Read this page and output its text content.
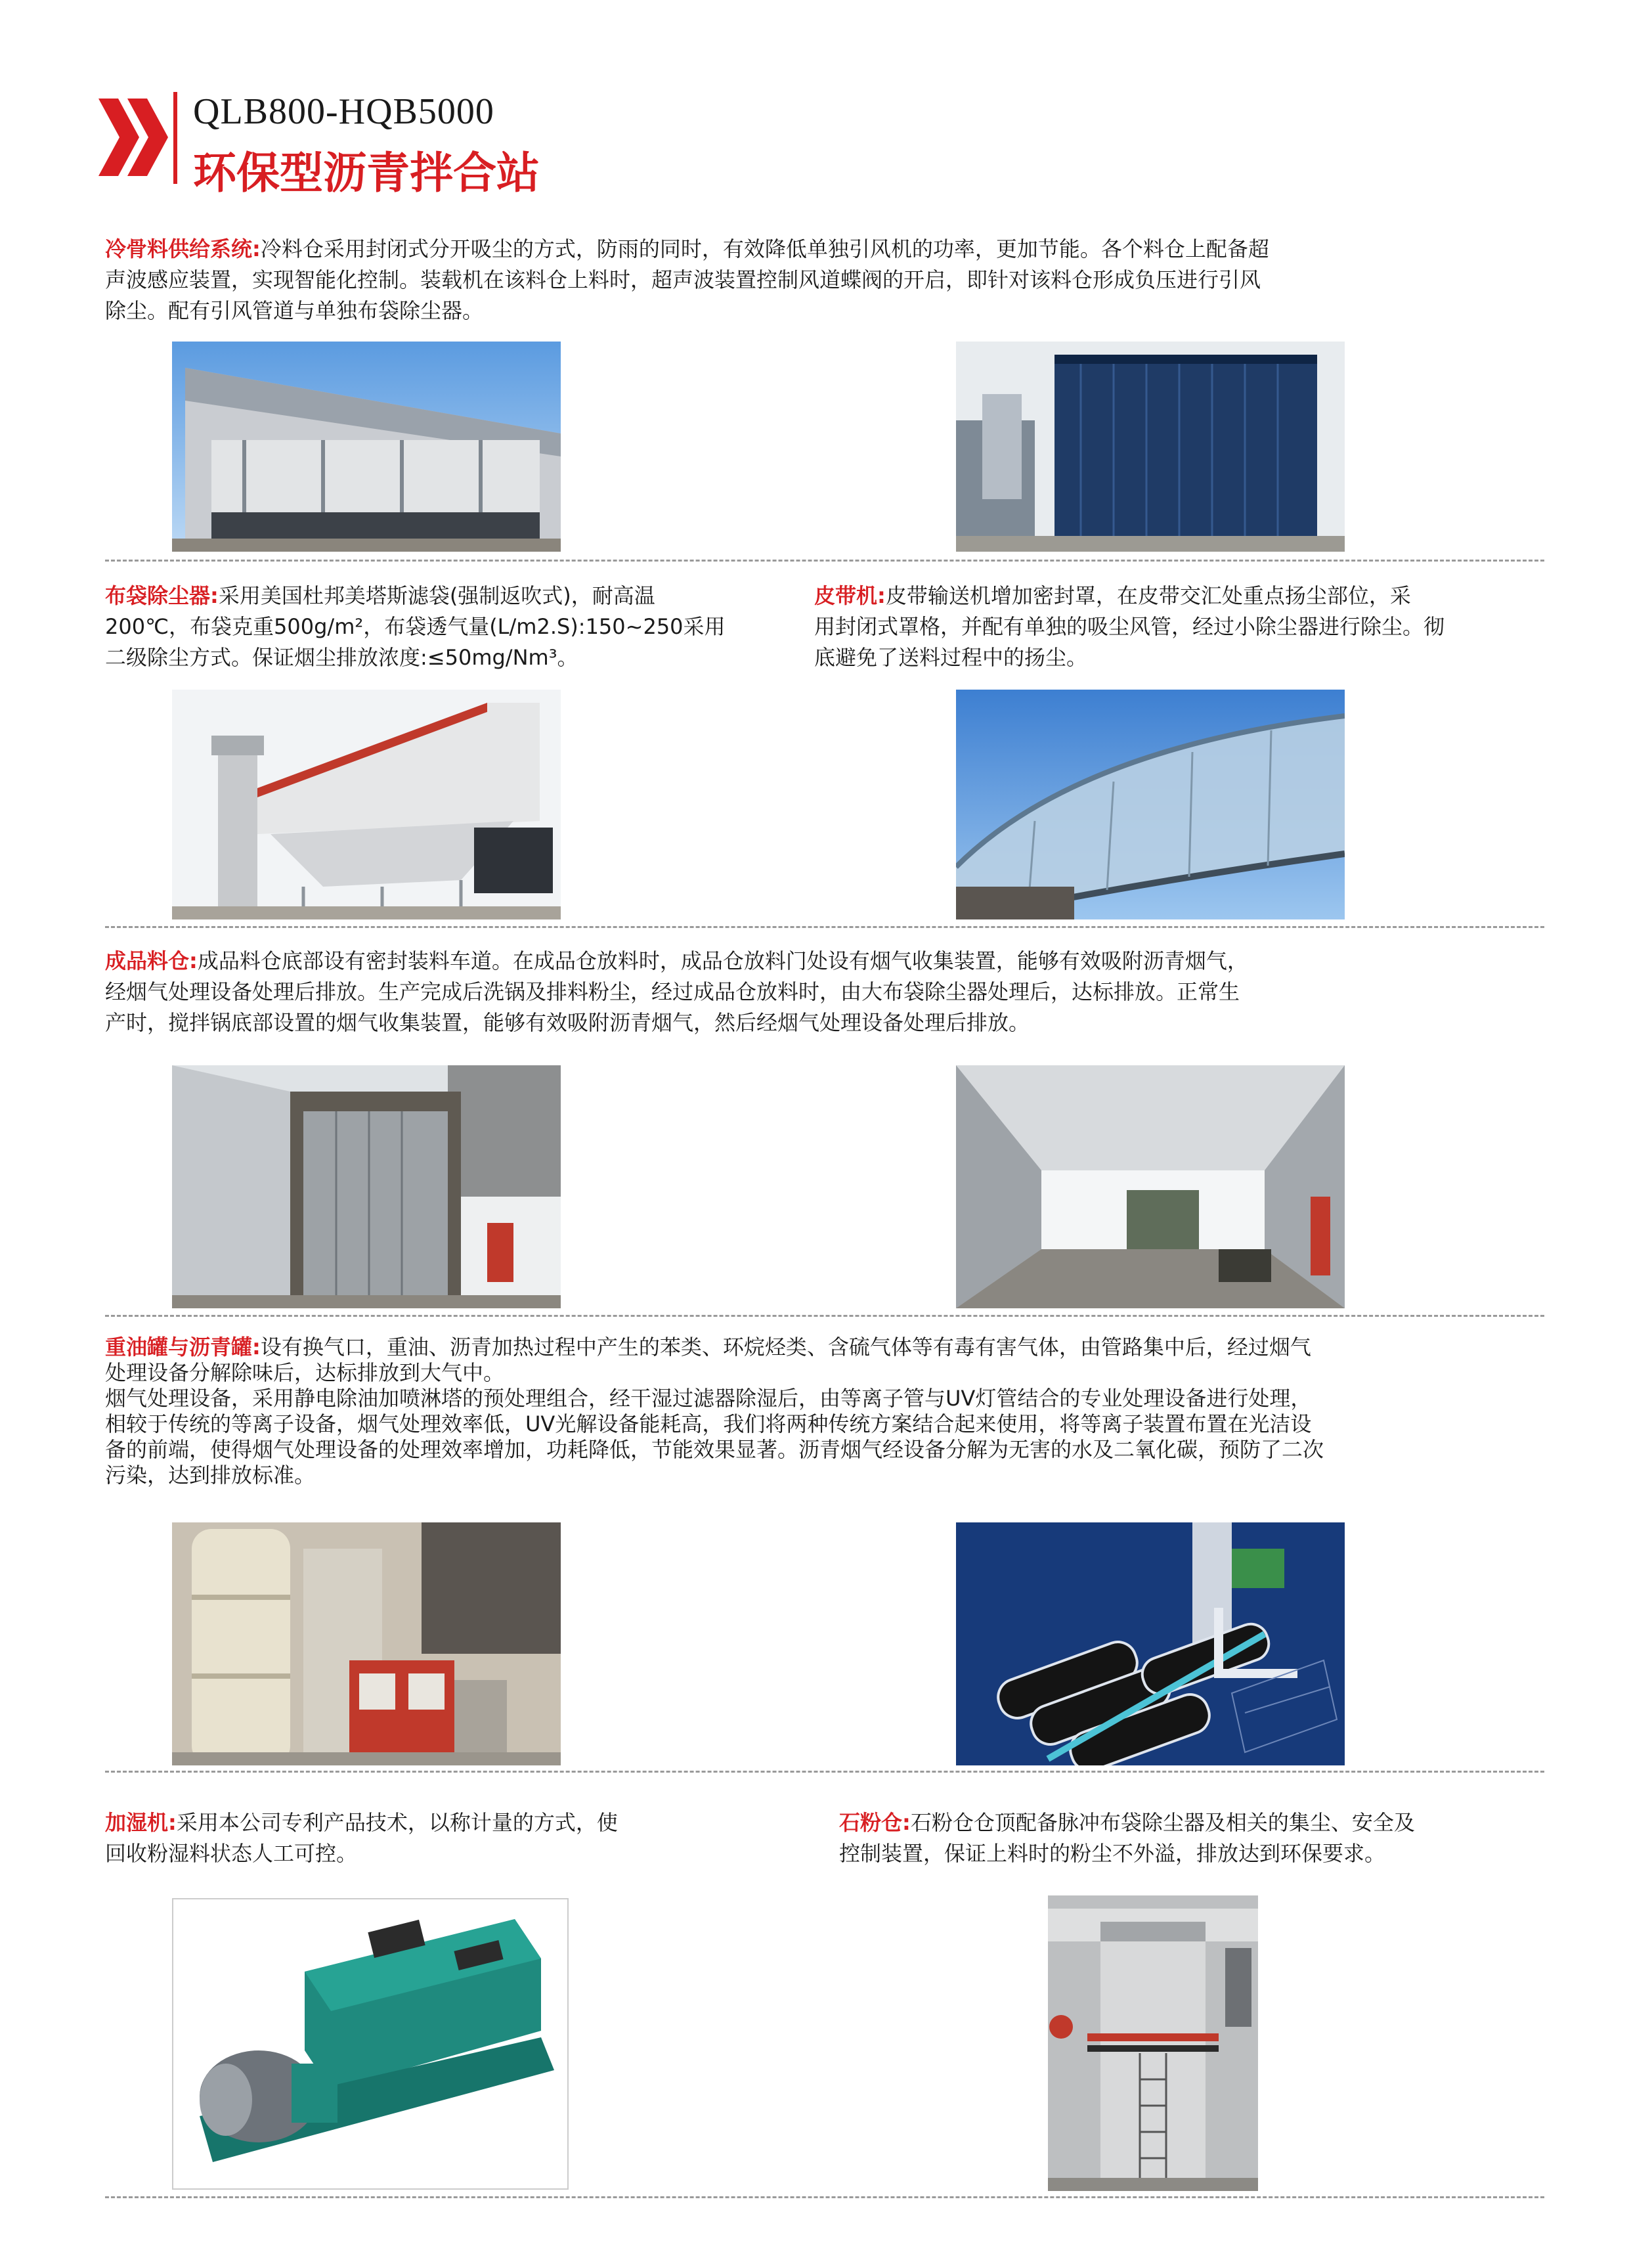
QLB800-HQB5000
环保型沥青拌合站
冷骨料供给系统:冷料仓采用封闭式分开吸尘的方式，防雨的同时，有效降低单独引风机的功率，更加节能。各个料仓上配备超
声波感应装置，实现智能化控制。装载机在该料仓上料时，超声波装置控制风道蝶阀的开启，即针对该料仓形成负压进行引风
除尘。配有引风管道与单独布袋除尘器。
布袋除尘器:采用美国杜邦美塔斯滤袋(强制返吹式)，耐高温
200℃，布袋克重500g/m²，布袋透气量(L/m2.S):150~250采用
二级除尘方式。保证烟尘排放浓度:≤50mg/Nm³。
皮带机:皮带输送机增加密封罩，在皮带交汇处重点扬尘部位，采
用封闭式罩格，并配有单独的吸尘风管，经过小除尘器进行除尘。彻
底避免了送料过程中的扬尘。
成品料仓:成品料仓底部设有密封装料车道。在成品仓放料时，成品仓放料门处设有烟气收集装置，能够有效吸附沥青烟气，
经烟气处理设备处理后排放。生产完成后洗锅及排料粉尘，经过成品仓放料时，由大布袋除尘器处理后，达标排放。正常生
产时，搅拌锅底部设置的烟气收集装置，能够有效吸附沥青烟气，然后经烟气处理设备处理后排放。
重油罐与沥青罐:设有换气口，重油、沥青加热过程中产生的苯类、环烷烃类、含硫气体等有毒有害气体，由管路集中后，经过烟气
处理设备分解除味后，达标排放到大气中。
烟气处理设备，采用静电除油加喷淋塔的预处理组合，经干湿过滤器除湿后，由等离子管与UV灯管结合的专业处理设备进行处理，
相较于传统的等离子设备，烟气处理效率低，UV光解设备能耗高，我们将两种传统方案结合起来使用，将等离子装置布置在光洁设
备的前端，使得烟气处理设备的处理效率增加，功耗降低，节能效果显著。沥青烟气经设备分解为无害的水及二氧化碳，预防了二次
污染，达到排放标准。
加湿机:采用本公司专利产品技术，以称计量的方式，使
回收粉湿料状态人工可控。
石粉仓:石粉仓仓顶配备脉冲布袋除尘器及相关的集尘、安全及
控制装置，保证上料时的粉尘不外溢，排放达到环保要求。
